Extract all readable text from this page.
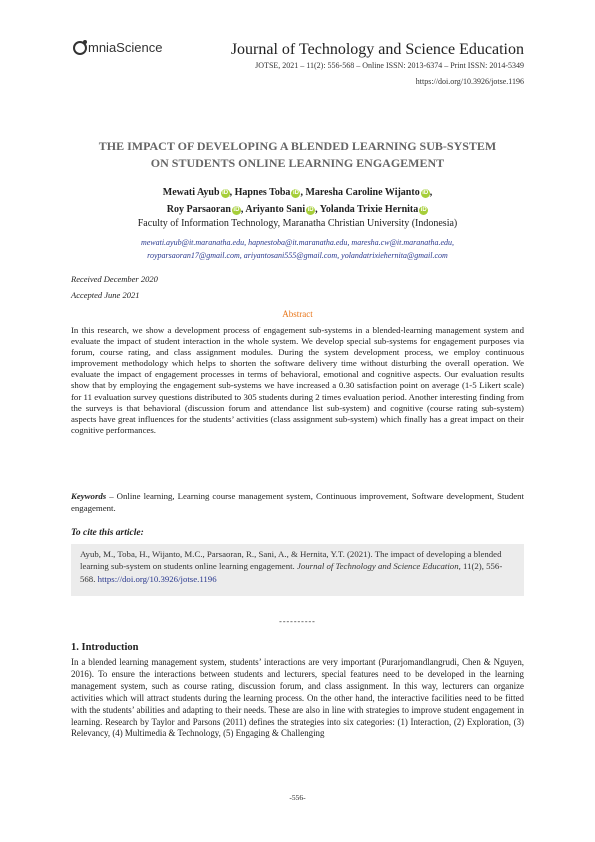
mniaScience	Journal of Technology and Science Education
JOTSE, 2021 – 11(2): 556-568 – Online ISSN: 2013-6374 – Print ISSN: 2014-5349
https://doi.org/10.3926/jotse.1196
THE IMPACT OF DEVELOPING A BLENDED LEARNING SUB-SYSTEM
ON STUDENTS ONLINE LEARNING ENGAGEMENT
Mewati Ayub iD , Hapnes Toba iD , Maresha Caroline Wijanto iD ,
Roy Parsaoran iD , Ariyanto Sani iD , Yolanda Trixie Hernita iD
Faculty of Information Technology, Maranatha Christian University (Indonesia)
mewati.ayub@it.maranatha.edu, hapnestoba@it.maranatha.edu, maresha.cw@it.maranatha.edu,
royparsaoran17@gmail.com, ariyantosani555@gmail.com, yolandatrixiehernita@gmail.com
Received December 2020
Accepted June 2021
Abstract
In this research, we show a development process of engagement sub-systems in a blended-learning management system and evaluate the impact of student interaction in the whole system. We develop special sub-systems for engagement purposes via forum, course rating, and class assignment modules. During the system development process, we employ continuous improvement methodology which helps to shorten the software delivery time without disturbing the overall operation. We evaluate the impact of engagement processes in terms of behavioral, emotional and cognitive aspects. Our evaluation results show that by employing the engagement sub-systems we have increased a 0.30 satisfaction point on average (1-5 Likert scale) for 11 evaluation survey questions distributed to 305 students during 2 times evaluation period. Another interesting finding from the surveys is that behavioral (discussion forum and attendance list sub-system) and cognitive (course rating sub-system) aspects have great influences for the students’ activities (class assignment sub-system) which finally has a great impact on their cognitive performances.
Keywords – Online learning, Learning course management system, Continuous improvement, Software development, Student engagement.
To cite this article:
Ayub, M., Toba, H., Wijanto, M.C., Parsaoran, R., Sani, A., & Hernita, Y.T. (2021). The impact of developing a blended learning sub-system on students online learning engagement. Journal of Technology and Science Education, 11(2), 556-568. https://doi.org/10.3926/jotse.1196
----------
1. Introduction
In a blended learning management system, students’ interactions are very important (Purarjomandlangrudi, Chen & Nguyen, 2016). To ensure the interactions between students and lecturers, special features need to be developed in the learning management system, such as course rating, discussion forum, and class assignment. In this way, lecturers can organize activities which will attract students during the learning process. On the other hand, the interactive facilities need to be fitted with the students’ abilities and adapting to their needs. These are also in line with strategies to improve student engagement in learning. Research by Taylor and Parsons (2011) defines the strategies into six categories: (1) Interaction, (2) Exploration, (3) Relevancy, (4) Multimedia & Technology, (5) Engaging & Challenging
-556-
